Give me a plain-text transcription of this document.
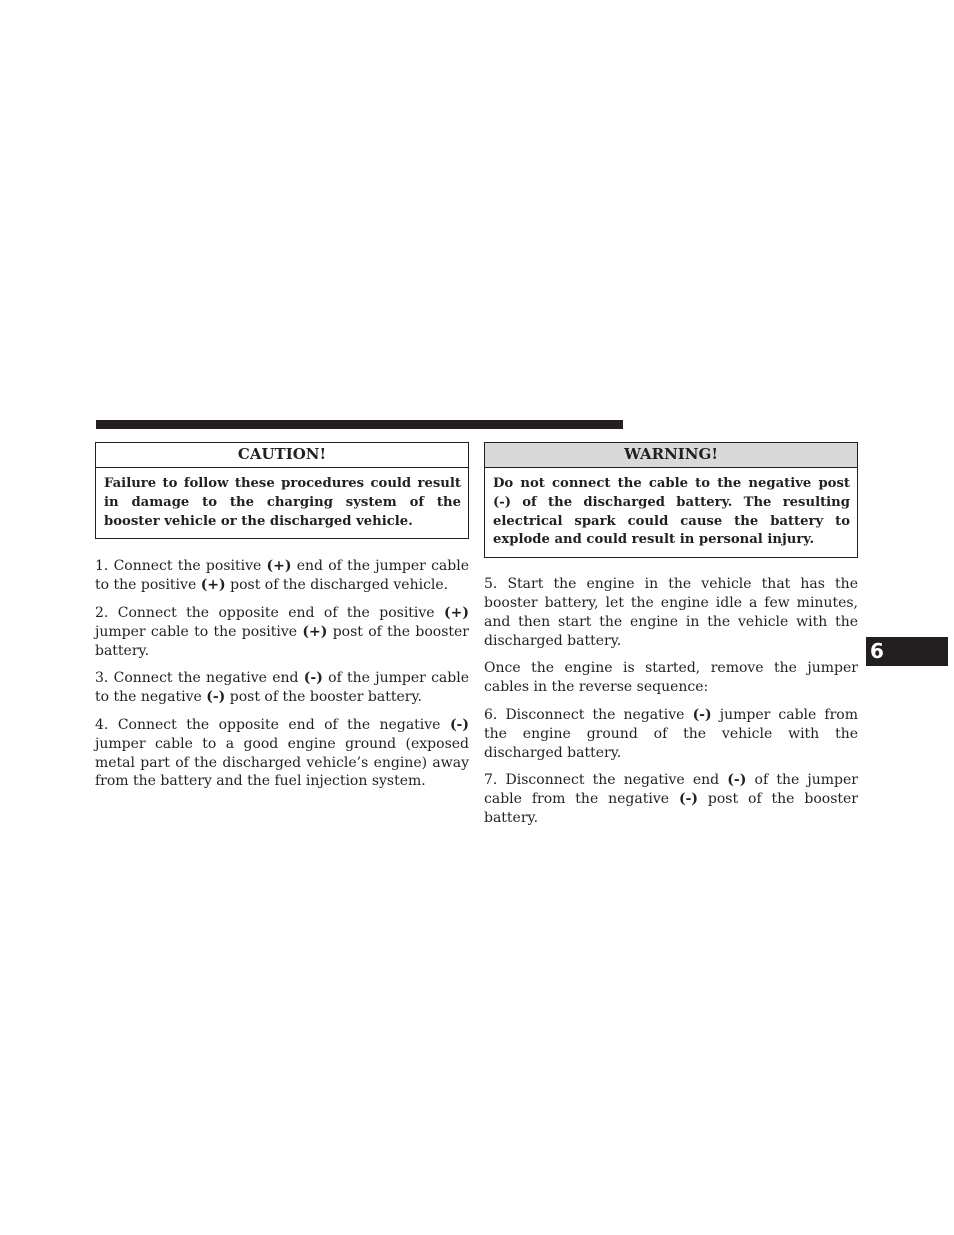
CAUTION!
Failure to follow these procedures could result in damage to the charging system of the booster vehicle or the discharged vehicle.

1. Connect the positive (+) end of the jumper cable to the positive (+) post of the discharged vehicle.

2. Connect the opposite end of the positive (+) jumper cable to the positive (+) post of the booster battery.

3. Connect the negative end (-) of the jumper cable to the negative (-) post of the booster battery.

4. Connect the opposite end of the negative (-) jumper cable to a good engine ground (exposed metal part of the discharged vehicle’s engine) away from the battery and the fuel injection system.

WARNING!
Do not connect the cable to the negative post (-) of the discharged battery. The resulting electrical spark could cause the battery to explode and could result in personal injury.

5. Start the engine in the vehicle that has the booster battery, let the engine idle a few minutes, and then start the engine in the vehicle with the discharged battery.

Once the engine is started, remove the jumper cables in the reverse sequence:

6. Disconnect the negative (-) jumper cable from the engine ground of the vehicle with the discharged battery.

7. Disconnect the negative end (-) of the jumper cable from the negative (-) post of the booster battery.

6
